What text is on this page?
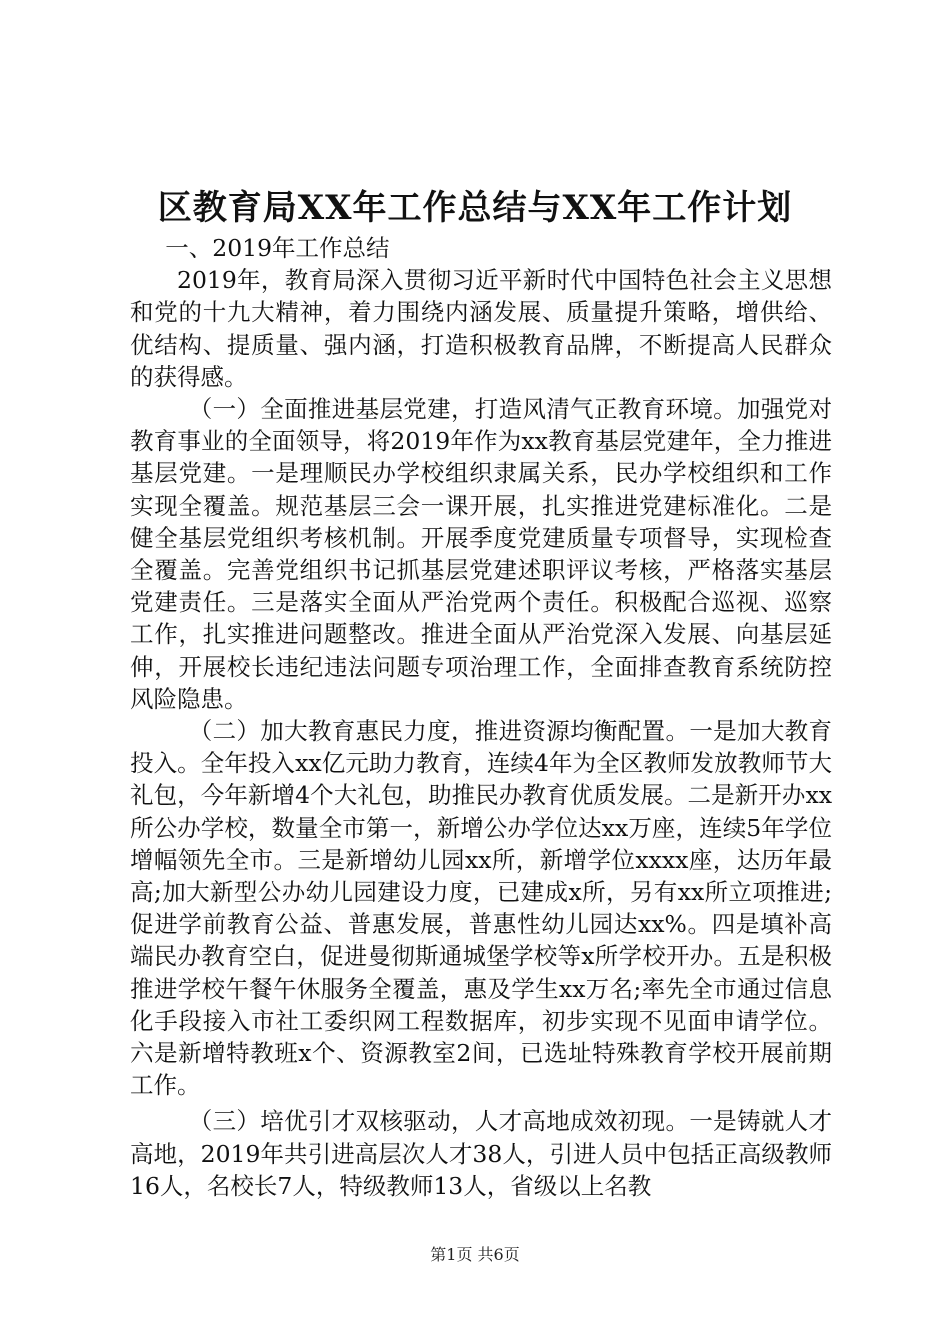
区教育局XX年工作总结与XX年工作计划

一、2019年工作总结

2019年，教育局深入贯彻习近平新时代中国特色社会主义思想和党的十九大精神，着力围绕内涵发展、质量提升策略，增供给、优结构、提质量、强内涵，打造积极教育品牌，不断提高人民群众的获得感。

（一）全面推进基层党建，打造风清气正教育环境。加强党对教育事业的全面领导，将2019年作为xx教育基层党建年，全力推进基层党建。一是理顺民办学校组织隶属关系，民办学校组织和工作实现全覆盖。规范基层三会一课开展，扎实推进党建标准化。二是健全基层党组织考核机制。开展季度党建质量专项督导，实现检查全覆盖。完善党组织书记抓基层党建述职评议考核，严格落实基层党建责任。三是落实全面从严治党两个责任。积极配合巡视、巡察工作，扎实推进问题整改。推进全面从严治党深入发展、向基层延伸，开展校长违纪违法问题专项治理工作，全面排查教育系统防控风险隐患。

（二）加大教育惠民力度，推进资源均衡配置。一是加大教育投入。全年投入xx亿元助力教育，连续4年为全区教师发放教师节大礼包，今年新增4个大礼包，助推民办教育优质发展。二是新开办xx所公办学校，数量全市第一，新增公办学位达xx万座，连续5年学位增幅领先全市。三是新增幼儿园xx所，新增学位xxxx座，达历年最高;加大新型公办幼儿园建设力度，已建成x所，另有xx所立项推进;促进学前教育公益、普惠发展，普惠性幼儿园达xx%。四是填补高端民办教育空白，促进曼彻斯通城堡学校等x所学校开办。五是积极推进学校午餐午休服务全覆盖，惠及学生xx万名;率先全市通过信息化手段接入市社工委织网工程数据库，初步实现不见面申请学位。六是新增特教班x个、资源教室2间，已选址特殊教育学校开展前期工作。

（三）培优引才双核驱动，人才高地成效初现。一是铸就人才高地，2019年共引进高层次人才38人，引进人员中包括正高级教师16人，名校长7人，特级教师13人，省级以上名教

第1页 共6页
